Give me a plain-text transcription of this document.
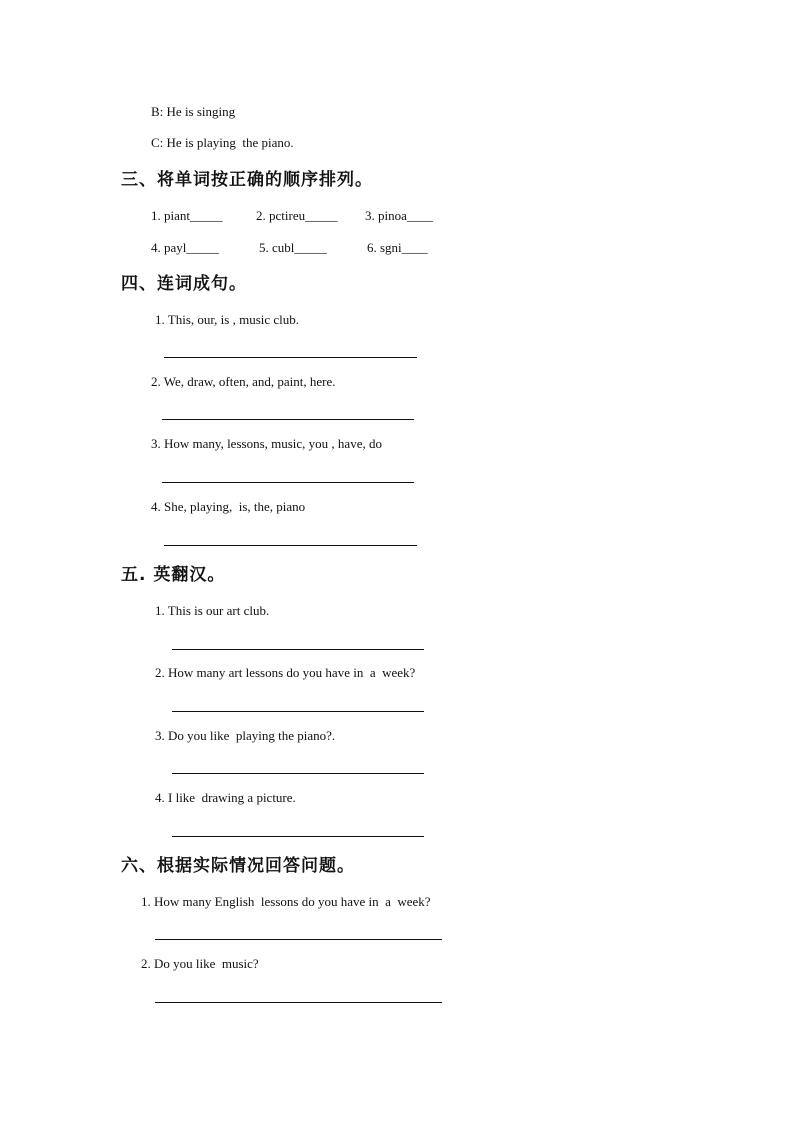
B: He is singing
C: He is playing  the piano.
三、将单词按正确的顺序排列。
1. piant_____	2. pctireu_____ 3. pinoa____
4. payl_____	5. cubl_____	6. sgni____
四、连词成句。
1. This, our, is , music club.
2. We, draw, often, and, paint, here.
3. How many, lessons, music, you , have, do
4. She, playing,  is, the, piano
五. 英翻汉。
1. This is our art club.
2. How many art lessons do you have in  a  week?
3. Do you like  playing the piano?.
4. I like  drawing a picture.
六、根据实际情况回答问题。
1. How many English  lessons do you have in  a  week?
2. Do you like  music?
